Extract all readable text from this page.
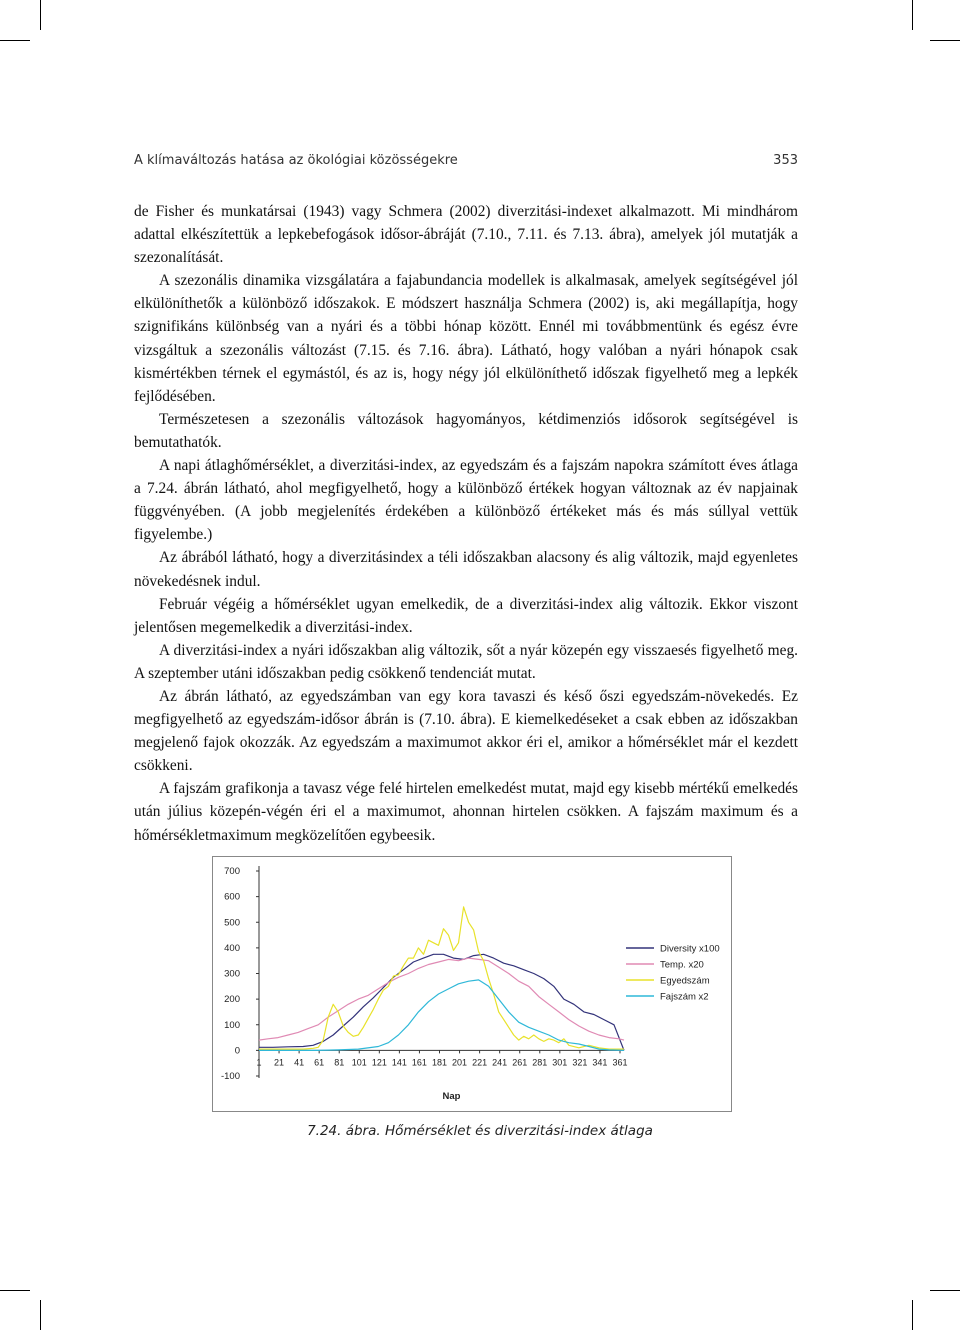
A klímaváltozás hatása az ökológiai közösségekre	353

de Fisher és munkatársai (1943) vagy Schmera (2002) diverzitási-indexet alkalmazott. Mi mindhárom adattal elkészítettük a lepkebefogások idősor-ábráját (7.10., 7.11. és 7.13. ábra), amelyek jól mutatják a szezonalítását.

A szezonális dinamika vizsgálatára a fajabundancia modellek is alkalmasak, amelyek segítségével jól elkülöníthetők a különböző időszakok. E módszert használja Schmera (2002) is, aki megállapítja, hogy szignifikáns különbség van a nyári és a többi hónap között. Ennél mi továbbmentünk és egész évre vizsgáltuk a szezonális változást (7.15. és 7.16. ábra). Látható, hogy valóban a nyári hónapok csak kismértékben térnek el egymástól, és az is, hogy négy jól elkülöníthető időszak figyelhető meg a lepkék fejlődésében.

Természetesen a szezonális változások hagyományos, kétdimenziós idősorok segítségével is bemutathatók.

A napi átlaghőmérséklet, a diverzitási-index, az egyedszám és a fajszám napokra számított éves átlaga a 7.24. ábrán látható, ahol megfigyelhető, hogy a különböző értékek hogyan változnak az év napjainak függvényében. (A jobb megjelenítés érdekében a különböző értékeket más és más súllyal vettük figyelembe.)

Az ábrából látható, hogy a diverzitásindex a téli időszakban alacsony és alig változik, majd egyenletes növekedésnek indul.

Február végéig a hőmérséklet ugyan emelkedik, de a diverzitási-index alig változik. Ekkor viszont jelentősen megemelkedik a diverzitási-index.

A diverzitási-index a nyári időszakban alig változik, sőt a nyár közepén egy visszaesés figyelhető meg. A szeptember utáni időszakban pedig csökkenő tendenciát mutat.

Az ábrán látható, az egyedszámban van egy kora tavaszi és késő őszi egyedszám-növekedés. Ez megfigyelhető az egyedszám-idősor ábrán is (7.10. ábra). E kiemelkedéseket a csak ebben az időszakban megjelenő fajok okozzák. Az egyedszám a maximumot akkor éri el, amikor a hőmérséklet már el kezdett csökkeni.

A fajszám grafikonja a tavasz vége felé hirtelen emelkedést mutat, majd egy kisebb mértékű emelkedés után július közepén-végén éri el a maximumot, ahonnan hirtelen csökken. A fajszám maximum és a hőmérsékletmaximum megközelítően egybeesik.

700
600
500
400
300
200
100
0
-100
1 21 41 61 81 101 121 141 161 181 201 221 241 261 281 301 321 341 361
Nap
Diversity x100
Temp. x20
Egyedszám
Fajszám x2
7.24. ábra. Hőmérséklet és diverzitási-index átlaga
